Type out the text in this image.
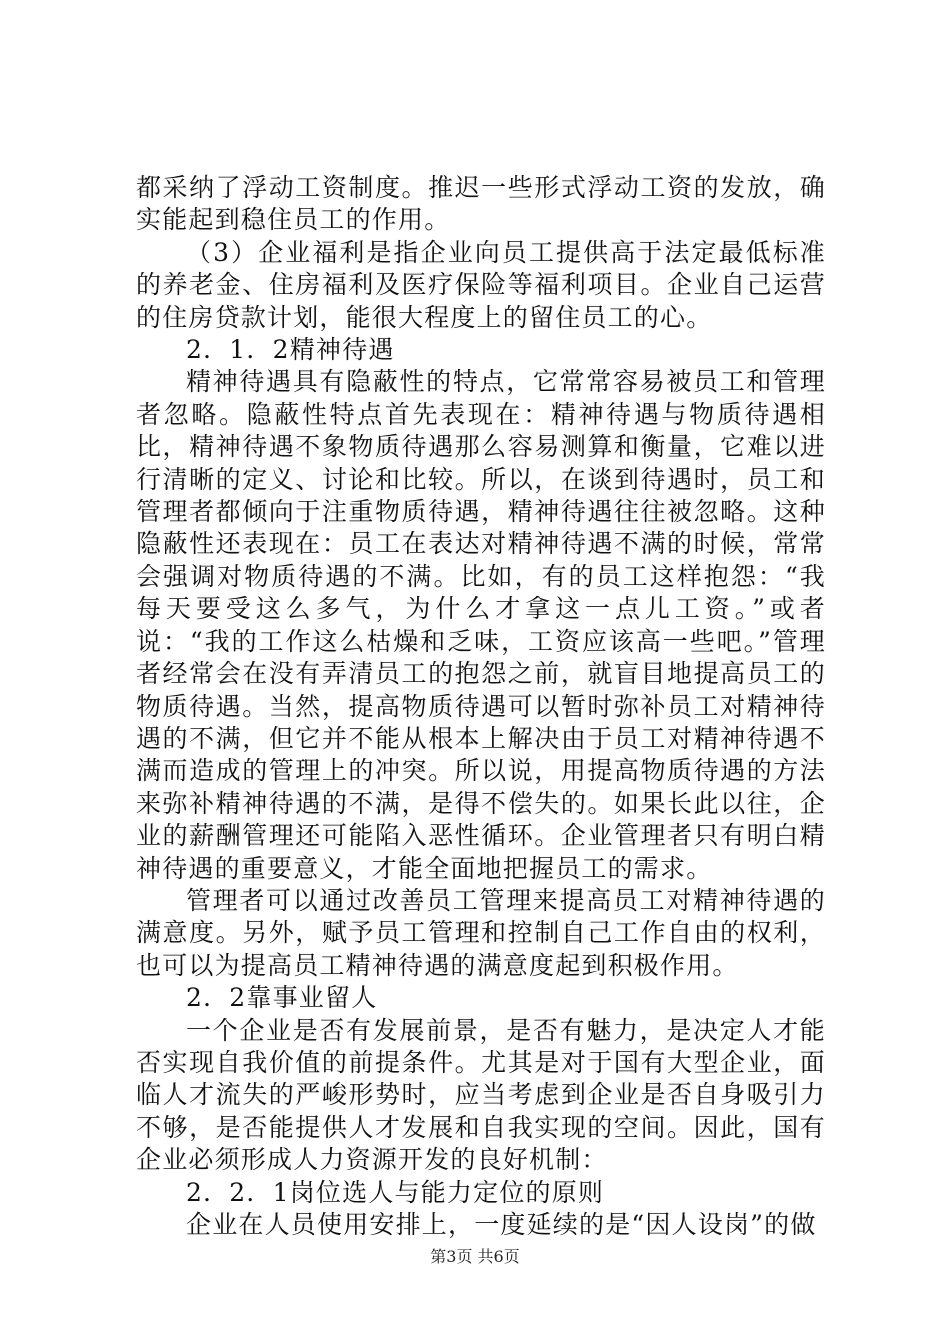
都采纳了浮动工资制度。推迟一些形式浮动工资的发放，确实能起到稳住员工的作用。

（3）企业福利是指企业向员工提供高于法定最低标准的养老金、住房福利及医疗保险等福利项目。企业自己运营的住房贷款计划，能很大程度上的留住员工的心。

2．1．2精神待遇

精神待遇具有隐蔽性的特点，它常常容易被员工和管理者忽略。隐蔽性特点首先表现在：精神待遇与物质待遇相比，精神待遇不象物质待遇那么容易测算和衡量，它难以进行清晰的定义、讨论和比较。所以，在谈到待遇时，员工和管理者都倾向于注重物质待遇，精神待遇往往被忽略。这种隐蔽性还表现在：员工在表达对精神待遇不满的时候，常常会强调对物质待遇的不满。比如，有的员工这样抱怨：“我每天要受这么多气，为什么才拿这一点儿工资。”或者说：“我的工作这么枯燥和乏味，工资应该高一些吧。”管理者经常会在没有弄清员工的抱怨之前，就盲目地提高员工的物质待遇。当然，提高物质待遇可以暂时弥补员工对精神待遇的不满，但它并不能从根本上解决由于员工对精神待遇不满而造成的管理上的冲突。所以说，用提高物质待遇的方法来弥补精神待遇的不满，是得不偿失的。如果长此以往，企业的薪酬管理还可能陷入恶性循环。企业管理者只有明白精神待遇的重要意义，才能全面地把握员工的需求。

管理者可以通过改善员工管理来提高员工对精神待遇的满意度。另外，赋予员工管理和控制自己工作自由的权利，也可以为提高员工精神待遇的满意度起到积极作用。

2．2靠事业留人

一个企业是否有发展前景，是否有魅力，是决定人才能否实现自我价值的前提条件。尤其是对于国有大型企业，面临人才流失的严峻形势时，应当考虑到企业是否自身吸引力不够，是否能提供人才发展和自我实现的空间。因此，国有企业必须形成人力资源开发的良好机制：

2．2．1岗位选人与能力定位的原则

企业在人员使用安排上，一度延续的是“因人设岗”的做

第3页 共6页
